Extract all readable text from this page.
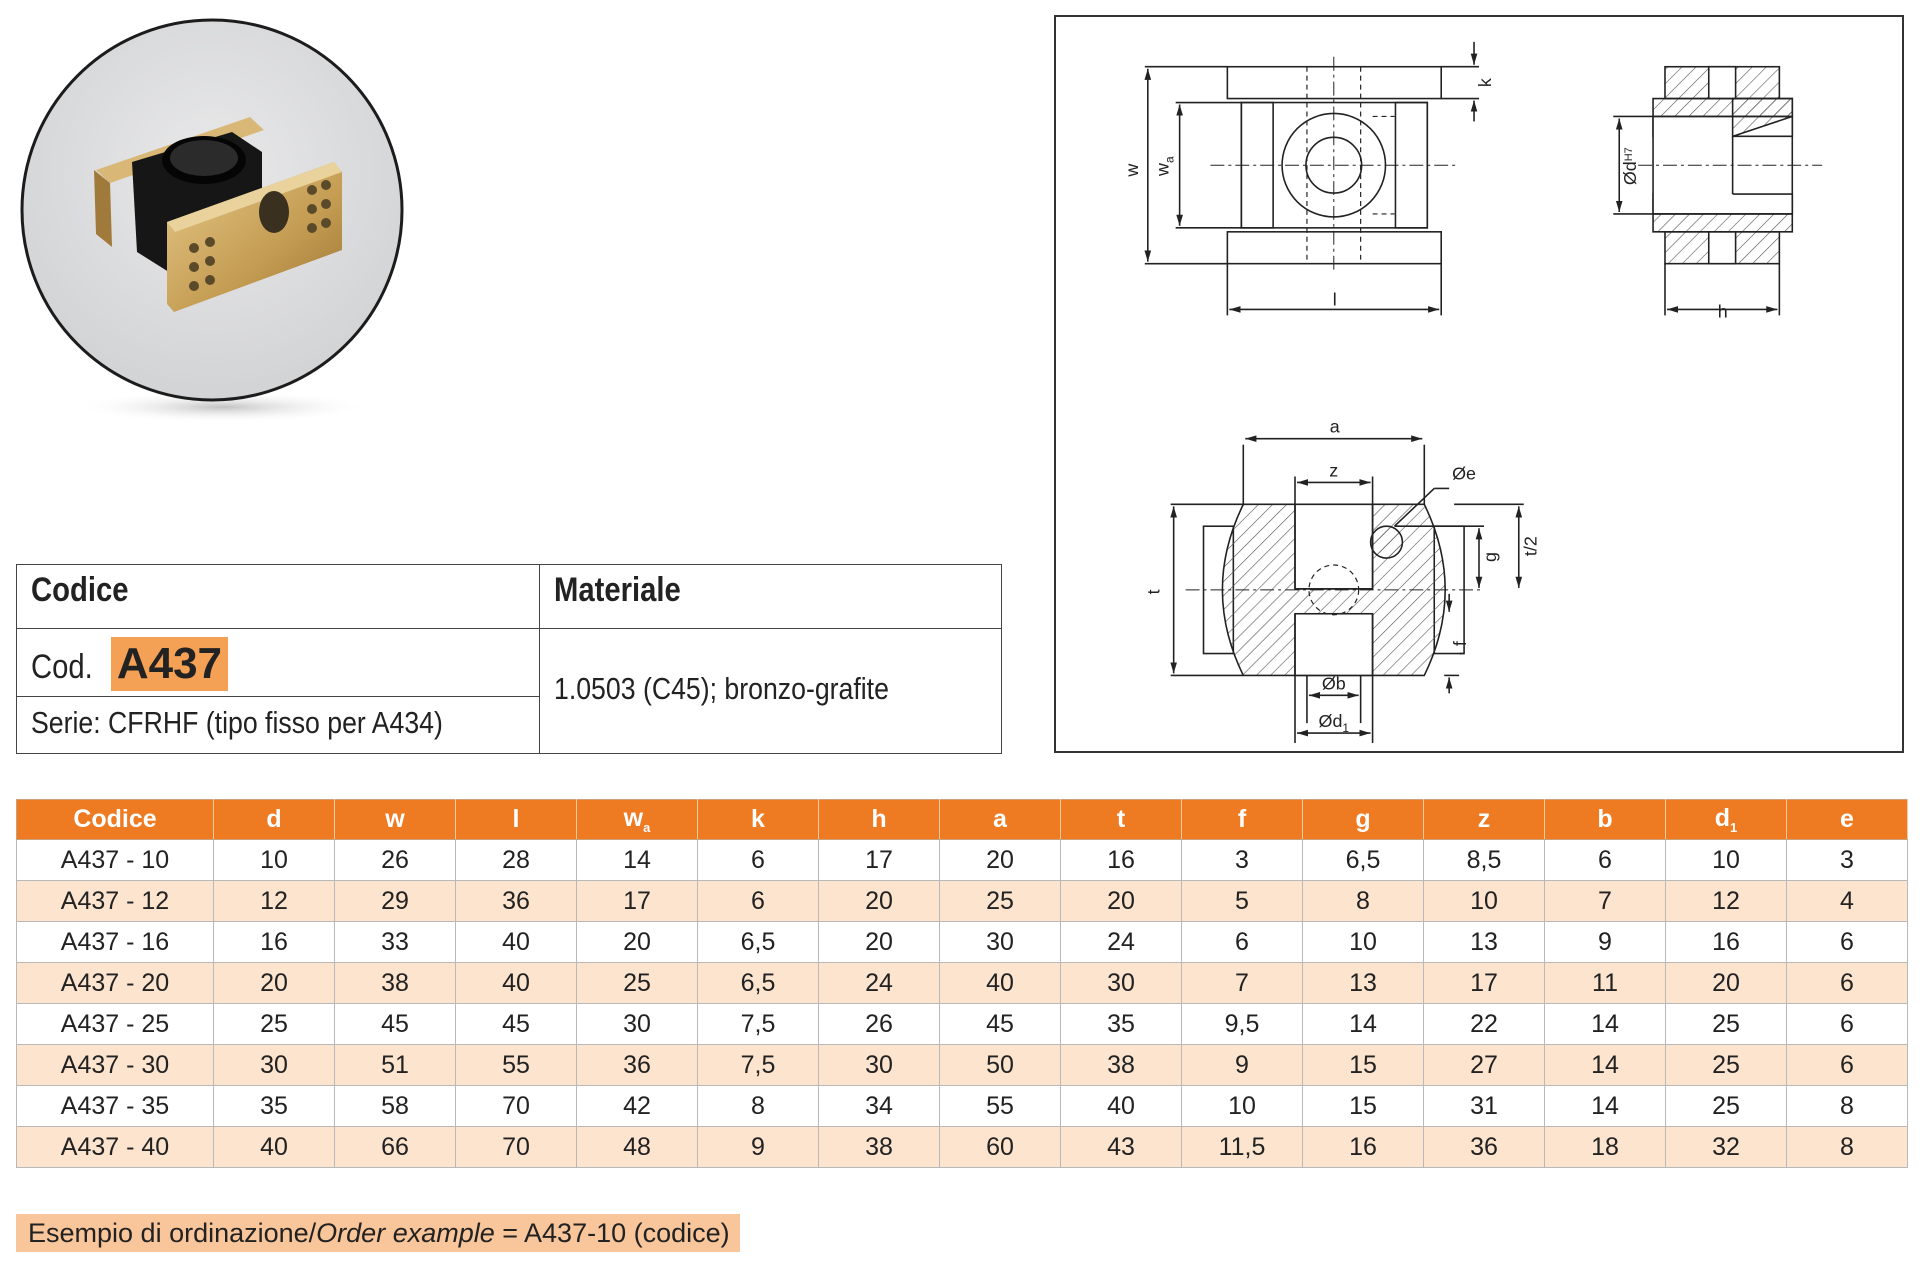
w $w_a$
k
l
$Ød^{H7}$
h
a
z	Øe
t
t/2
g
f
Øb
$Ød_1$
Codice	Materiale
Cod. A437
Serie: CFRHF (tipo fisso per A434)
1.0503 (C45); bronzo-grafite
Codice	d	w	l	$w_a$	k	h	a	t	f	g	z	b	$d_1$	e
A437 - 10	10	26	28	14	6	17	20	16	3	6,5	8,5	6	10	3
A437 - 12	12	29	36	17	6	20	25	20	5	8	10	7	12	4
A437 - 16	16	33	40	20	6,5	20	30	24	6	10	13	9	16	6
A437 - 20	20	38	40	25	6,5	24	40	30	7	13	17	11	20	6
A437 - 25	25	45	45	30	7,5	26	45	35	9,5	14	22	14	25	6
A437 - 30	30	51	55	36	7,5	30	50	38	9	15	27	14	25	6
A437 - 35	35	58	70	42	8	34	55	40	10	15	31	14	25	8
A437 - 40	40	66	70	48	9	38	60	43	11,5	16	36	18	32	8
Esempio di ordinazione/Order example = A437-10 (codice)
